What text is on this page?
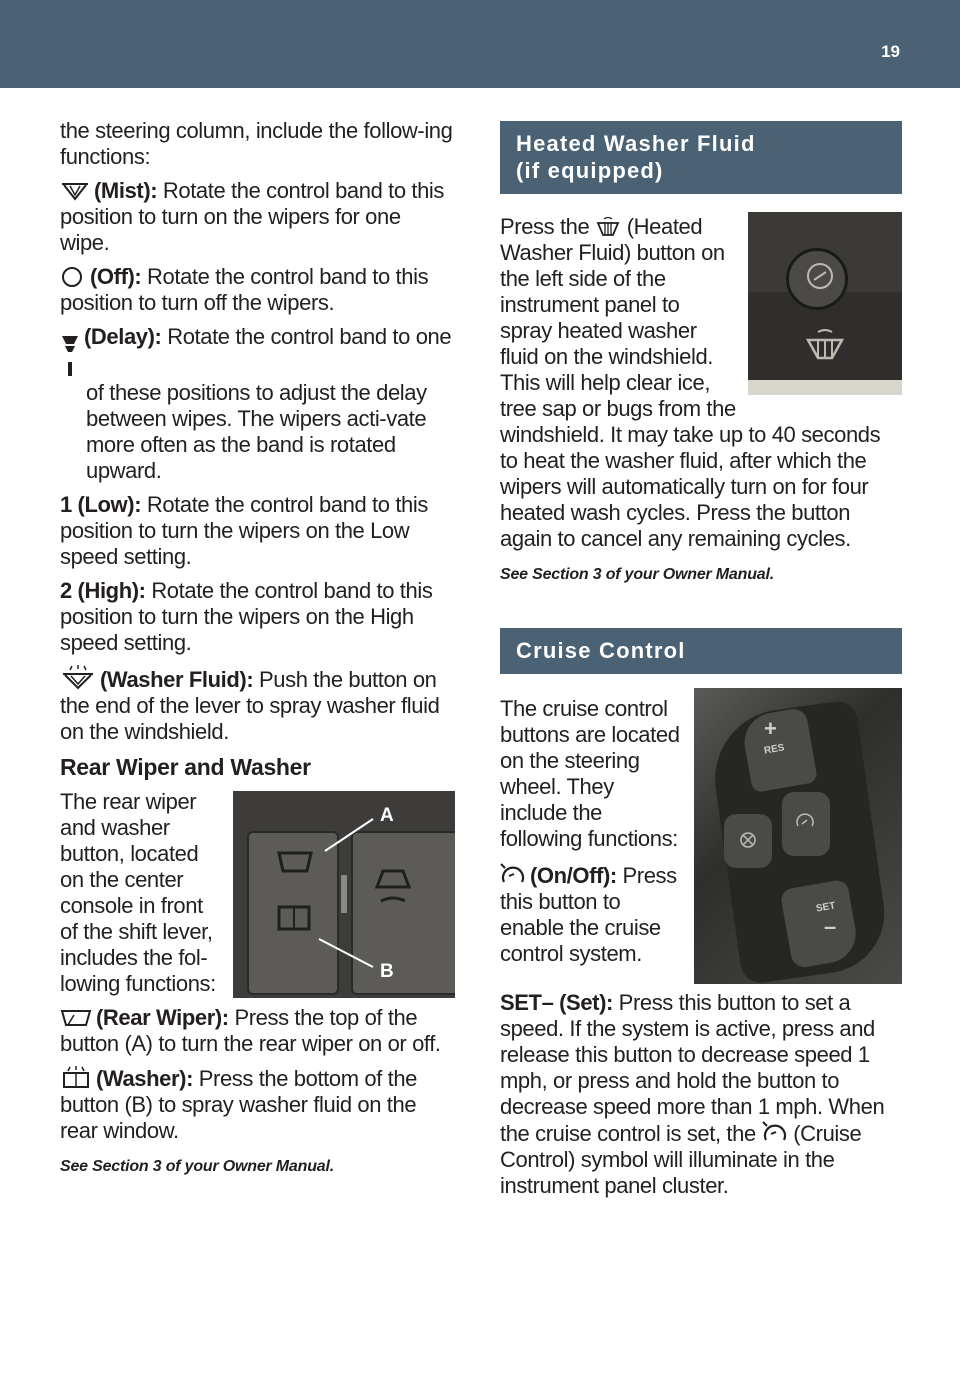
19

the steering column, include the follow-ing functions:

(Mist): Rotate the control band to this position to turn on the wipers for one wipe.

(Off): Rotate the control band to this position to turn off the wipers.

(Delay): Rotate the control band to one of these positions to adjust the delay between wipes. The wipers acti-vate more often as the band is rotated upward.

1 (Low): Rotate the control band to this position to turn the wipers on the Low speed setting.

2 (High): Rotate the control band to this position to turn the wipers on the High speed setting.

(Washer Fluid): Push the button on the end of the lever to spray washer fluid on the windshield.

Rear Wiper and Washer

A
B

The rear wiper and washer button, located on the center console in front of the shift lever, includes the fol-lowing functions:

(Rear Wiper): Press the top of the button (A) to turn the rear wiper on or off.

(Washer): Press the bottom of the button (B) to spray washer fluid on the rear window.

See Section 3 of your Owner Manual.

Heated Washer Fluid
(if equipped)

Press the
(Heated Washer Fluid) button on the left side of the instrument panel to spray heated washer fluid on the windshield. This will help clear ice, tree sap or bugs from the windshield. It may take up to 40 seconds to heat the washer fluid, after which the wipers will automatically turn on for four heated wash cycles. Press the button again to cancel any remaining cycles.

See Section 3 of your Owner Manual.

Cruise Control
+
RES
SET
–

The cruise control buttons are located on the steering wheel. They include the following functions:

(On/Off): Press this button to enable the cruise control system.

SET– (Set): Press this button to set a speed. If the system is active, press and release this button to decrease speed 1 mph, or press and hold the button to decrease speed more than 1 mph. When the cruise control is set, the
(Cruise Control) symbol will illuminate in the instrument panel cluster.
